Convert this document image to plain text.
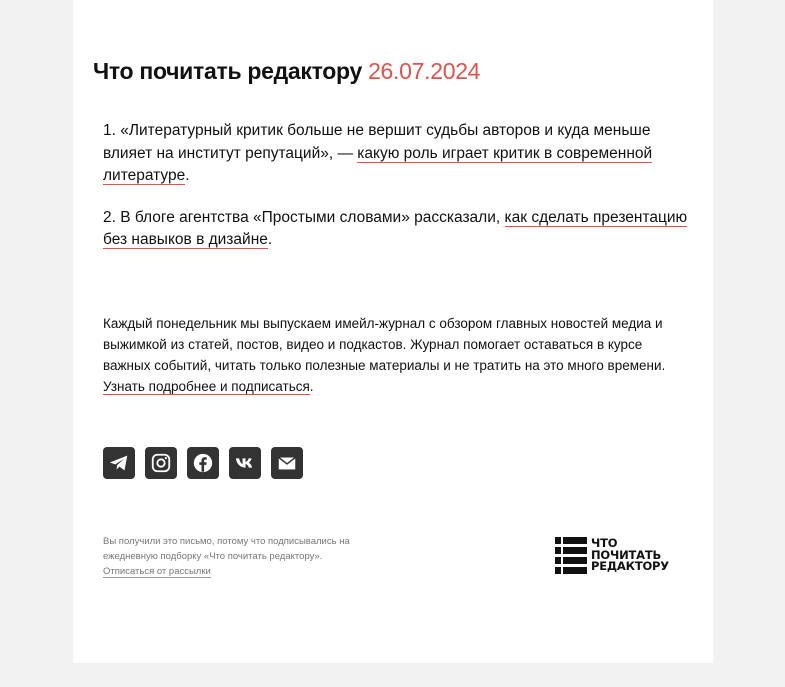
Что почитать редактору 26.07.2024

1. «Литературный критик больше не вершит судьбы авторов и куда меньше влияет на институт репутаций», — какую роль играет критик в современной литературе.

2. В блоге агентства «Простыми словами» рассказали, как сделать презентацию без навыков в дизайне.

Каждый понедельник мы выпускаем имейл-журнал с обзором главных новостей медиа и выжимкой из статей, постов, видео и подкастов. Журнал помогает оставаться в курсе важных событий, читать только полезные материалы и не тратить на это много времени. Узнать подробнее и подписаться.

Вы получили это письмо, потому что подписывались на ежедневную подборку «Что почитать редактору».
Отписаться от рассылки
ЧТО
ПОЧИТАТЬ
РЕДАКТОРУ
